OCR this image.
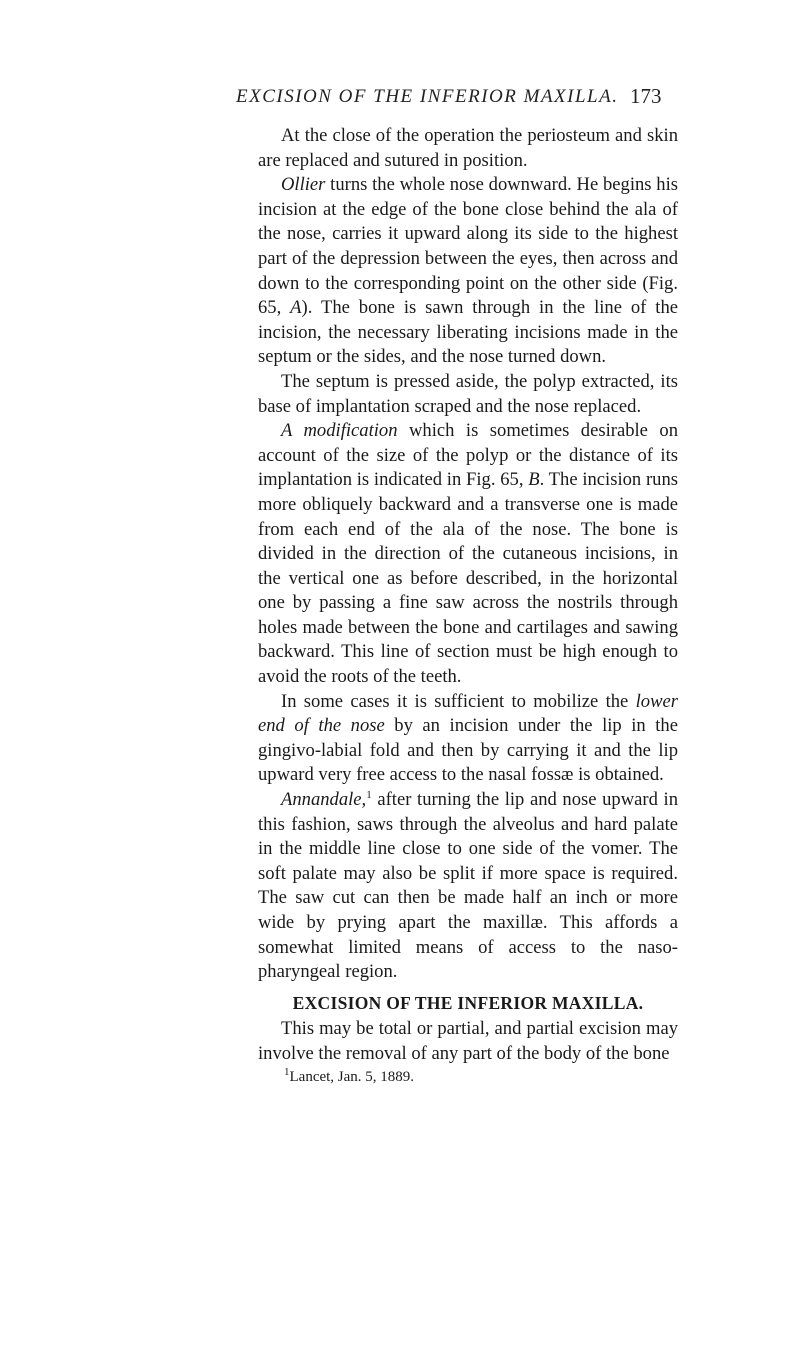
EXCISION OF THE INFERIOR MAXILLA. 173

At the close of the operation the periosteum and skin are replaced and sutured in position.

Ollier turns the whole nose downward. He begins his incision at the edge of the bone close behind the ala of the nose, carries it upward along its side to the highest part of the depression between the eyes, then across and down to the corresponding point on the other side (Fig. 65, A). The bone is sawn through in the line of the incision, the necessary liberating incisions made in the septum or the sides, and the nose turned down.

The septum is pressed aside, the polyp extracted, its base of implantation scraped and the nose replaced.

A modification which is sometimes desirable on account of the size of the polyp or the distance of its implantation is indicated in Fig. 65, B. The incision runs more obliquely backward and a transverse one is made from each end of the ala of the nose. The bone is divided in the direction of the cutaneous incisions, in the vertical one as before described, in the horizontal one by passing a fine saw across the nostrils through holes made between the bone and cartilages and sawing backward. This line of section must be high enough to avoid the roots of the teeth.

In some cases it is sufficient to mobilize the lower end of the nose by an incision under the lip in the gingivo-labial fold and then by carrying it and the lip upward very free access to the nasal fossæ is obtained.

Annandale,$^1$ after turning the lip and nose upward in this fashion, saws through the alveolus and hard palate in the middle line close to one side of the vomer. The soft palate may also be split if more space is required. The saw cut can then be made half an inch or more wide by prying apart the maxillæ. This affords a somewhat limited means of access to the naso-pharyngeal region.

EXCISION OF THE INFERIOR MAXILLA.

This may be total or partial, and partial excision may involve the removal of any part of the body of the bone

$^1$Lancet, Jan. 5, 1889.
